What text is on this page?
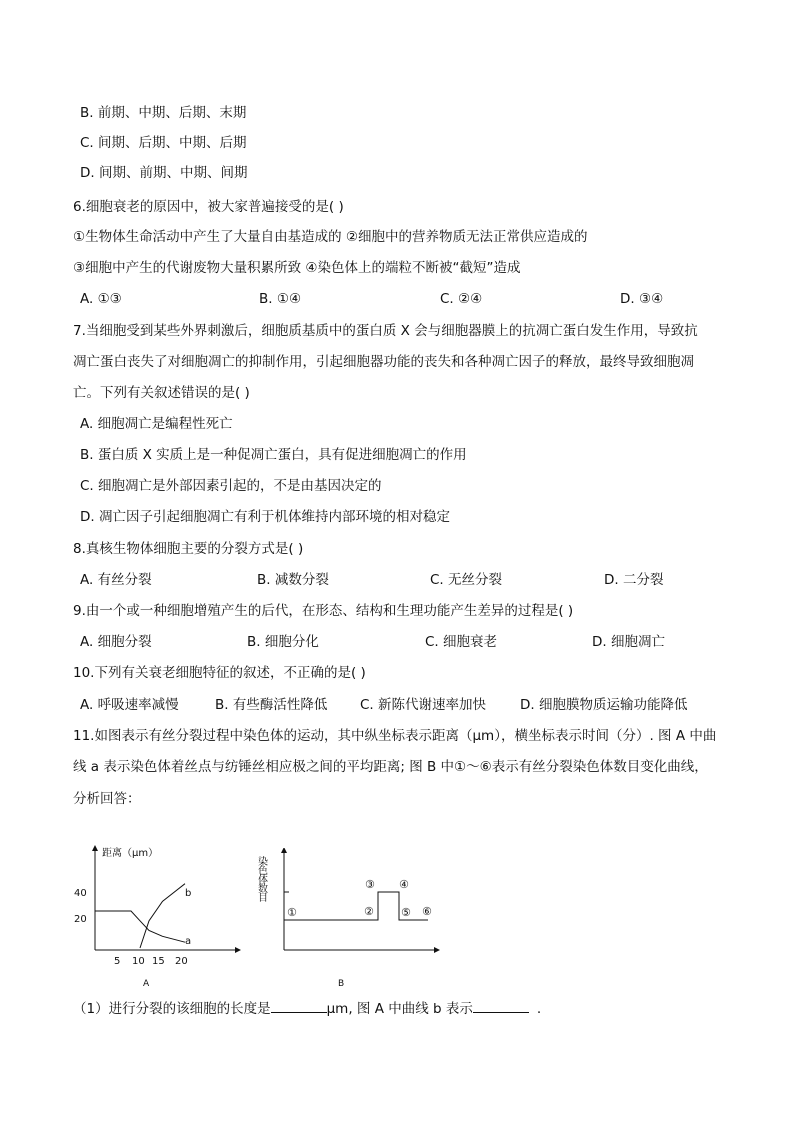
B. 前期、中期、后期、末期
C. 间期、后期、中期、后期
D. 间期、前期、中期、间期
6.细胞衰老的原因中，被大家普遍接受的是( )
①生物体生命活动中产生了大量自由基造成的 ②细胞中的营养物质无法正常供应造成的
③细胞中产生的代谢废物大量积累所致 ④染色体上的端粒不断被“截短”造成
A. ①③	B. ①④	C. ②④	D. ③④
7.当细胞受到某些外界刺激后，细胞质基质中的蛋白质 X 会与细胞器膜上的抗凋亡蛋白发生作用，导致抗
凋亡蛋白丧失了对细胞凋亡的抑制作用，引起细胞器功能的丧失和各种凋亡因子的释放，最终导致细胞凋
亡。下列有关叙述错误的是( )
A. 细胞凋亡是编程性死亡
B. 蛋白质 X 实质上是一种促凋亡蛋白，具有促进细胞凋亡的作用
C. 细胞凋亡是外部因素引起的，不是由基因决定的
D. 凋亡因子引起细胞凋亡有利于机体维持内部环境的相对稳定
8.真核生物体细胞主要的分裂方式是( )
A. 有丝分裂	B. 减数分裂	C. 无丝分裂	D. 二分裂
9.由一个或一种细胞增殖产生的后代，在形态、结构和生理功能产生差异的过程是( )
A. 细胞分裂	B. 细胞分化	C. 细胞衰老	D. 细胞凋亡
10.下列有关衰老细胞特征的叙述，不正确的是( )
A. 呼吸速率减慢	B. 有些酶活性降低 C. 新陈代谢速率加快	D. 细胞膜物质运输功能降低
11.如图表示有丝分裂过程中染色体的运动，其中纵坐标表示距离（μm），横坐标表示时间（分）. 图 A 中曲
线 a 表示染色体着丝点与纺锤丝相应极之间的平均距离; 图 B 中①～⑥表示有丝分裂染色体数目变化曲线，
分析回答：
距离（μm）
40
20
5 10 15 20
a
b
A
染色体数目
①	②
③ ④
⑤ ⑥
B
（1）进行分裂的该细胞的长度是	μm, 图 A 中曲线 b 表示	.
